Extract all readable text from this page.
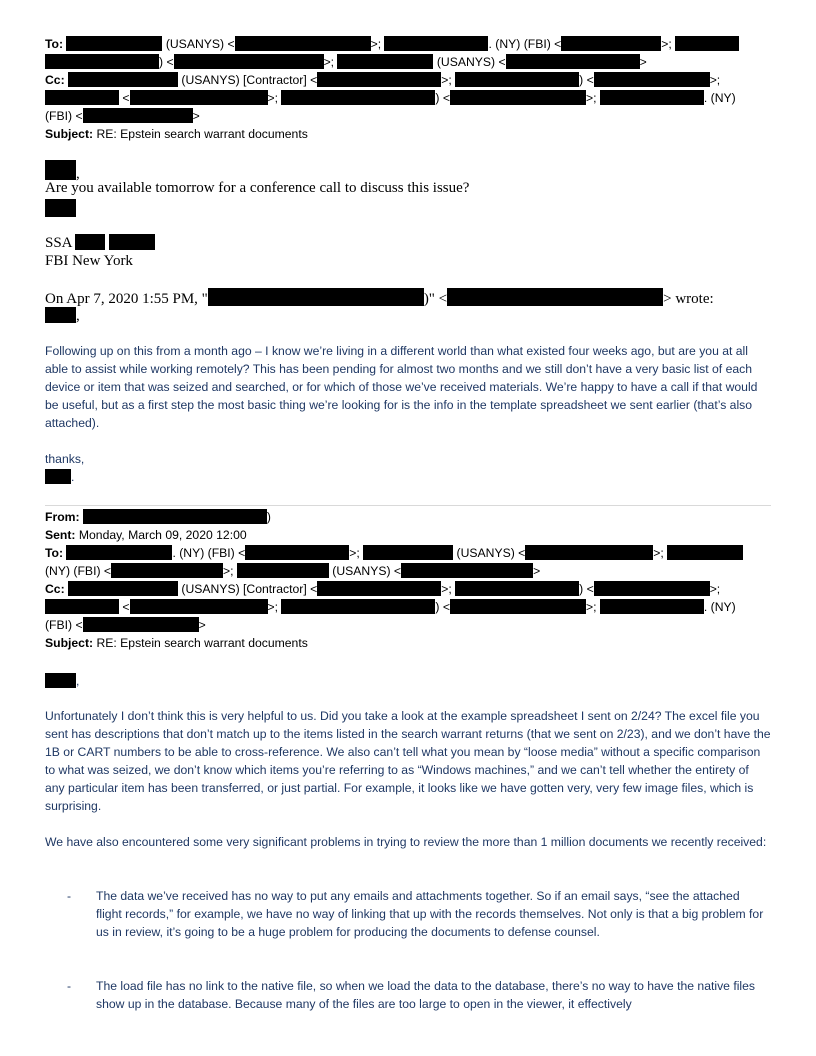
To:	(USANYS) <	>;	. (NY) (FBI) <	>;
) <	>;	(USANYS) <	>
Cc:	(USANYS) [Contractor] <	>;	) <	>;
<	>;	) <	>;	. (NY)
(FBI) <	>
Subject: RE: Epstein search warrant documents
,
Are you available tomorrow for a conference call to discuss this issue?
SSA
FBI New York
On Apr 7, 2020 1:55 PM, "	)" <	> wrote:
,
Following up on this from a month ago – I know we’re living in a different world than what existed four weeks ago, but are you at all able to assist while working remotely? This has been pending for almost two months and we still don’t have a very basic list of each device or item that was seized and searched, or for which of those we’ve received materials. We’re happy to have a call if that would be useful, but as a first step the most basic thing we’re looking for is the info in the template spreadsheet we sent earlier (that’s also attached).
thanks,
.
From:	)
Sent: Monday, March 09, 2020 12:00
To:	. (NY) (FBI) <	>;	(USANYS) <	>;
(NY) (FBI) <	>;	(USANYS) <	>
Cc:	(USANYS) [Contractor] <	>;	) <	>;
<	>;	) <	>;	. (NY)
(FBI) <	>
Subject: RE: Epstein search warrant documents
,
Unfortunately I don’t think this is very helpful to us. Did you take a look at the example spreadsheet I sent on 2/24? The excel file you sent has descriptions that don’t match up to the items listed in the search warrant returns (that we sent on 2/23), and we don’t have the 1B or CART numbers to be able to cross-reference. We also can’t tell what you mean by “loose media” without a specific comparison to what was seized, we don’t know which items you’re referring to as “Windows machines,” and we can’t tell whether the entirety of any particular item has been transferred, or just partial. For example, it looks like we have gotten very, very few image files, which is surprising.
We have also encountered some very significant problems in trying to review the more than 1 million documents we recently received:
- The data we’ve received has no way to put any emails and attachments together. So if an email says, “see the attached flight records,” for example, we have no way of linking that up with the records themselves. Not only is that a big problem for us in review, it’s going to be a huge problem for producing the documents to defense counsel.
- The load file has no link to the native file, so when we load the data to the database, there’s no way to have the native files show up in the database. Because many of the files are too large to open in the viewer, it effectively
